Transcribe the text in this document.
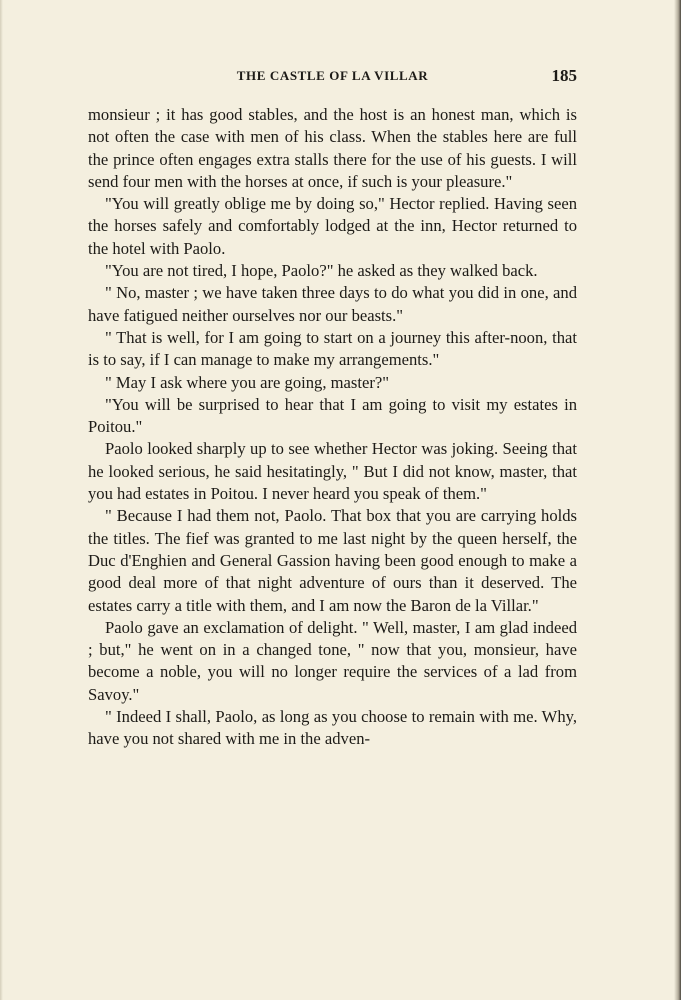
THE CASTLE OF LA VILLAR	185

monsieur ; it has good stables, and the host is an honest man, which is not often the case with men of his class. When the stables here are full the prince often engages extra stalls there for the use of his guests. I will send four men with the horses at once, if such is your pleasure."

"You will greatly oblige me by doing so," Hector replied. Having seen the horses safely and comfortably lodged at the inn, Hector returned to the hotel with Paolo.

"You are not tired, I hope, Paolo?" he asked as they walked back.

" No, master ; we have taken three days to do what you did in one, and have fatigued neither ourselves nor our beasts."

" That is well, for I am going to start on a journey this after-noon, that is to say, if I can manage to make my arrangements."

" May I ask where you are going, master?"

"You will be surprised to hear that I am going to visit my estates in Poitou."

Paolo looked sharply up to see whether Hector was joking. Seeing that he looked serious, he said hesitatingly, " But I did not know, master, that you had estates in Poitou. I never heard you speak of them."

" Because I had them not, Paolo. That box that you are carrying holds the titles. The fief was granted to me last night by the queen herself, the Duc d'Enghien and General Gassion having been good enough to make a good deal more of that night adventure of ours than it deserved. The estates carry a title with them, and I am now the Baron de la Villar."

Paolo gave an exclamation of delight. " Well, master, I am glad indeed ; but," he went on in a changed tone, " now that you, monsieur, have become a noble, you will no longer require the services of a lad from Savoy."

" Indeed I shall, Paolo, as long as you choose to remain with me. Why, have you not shared with me in the adven-
